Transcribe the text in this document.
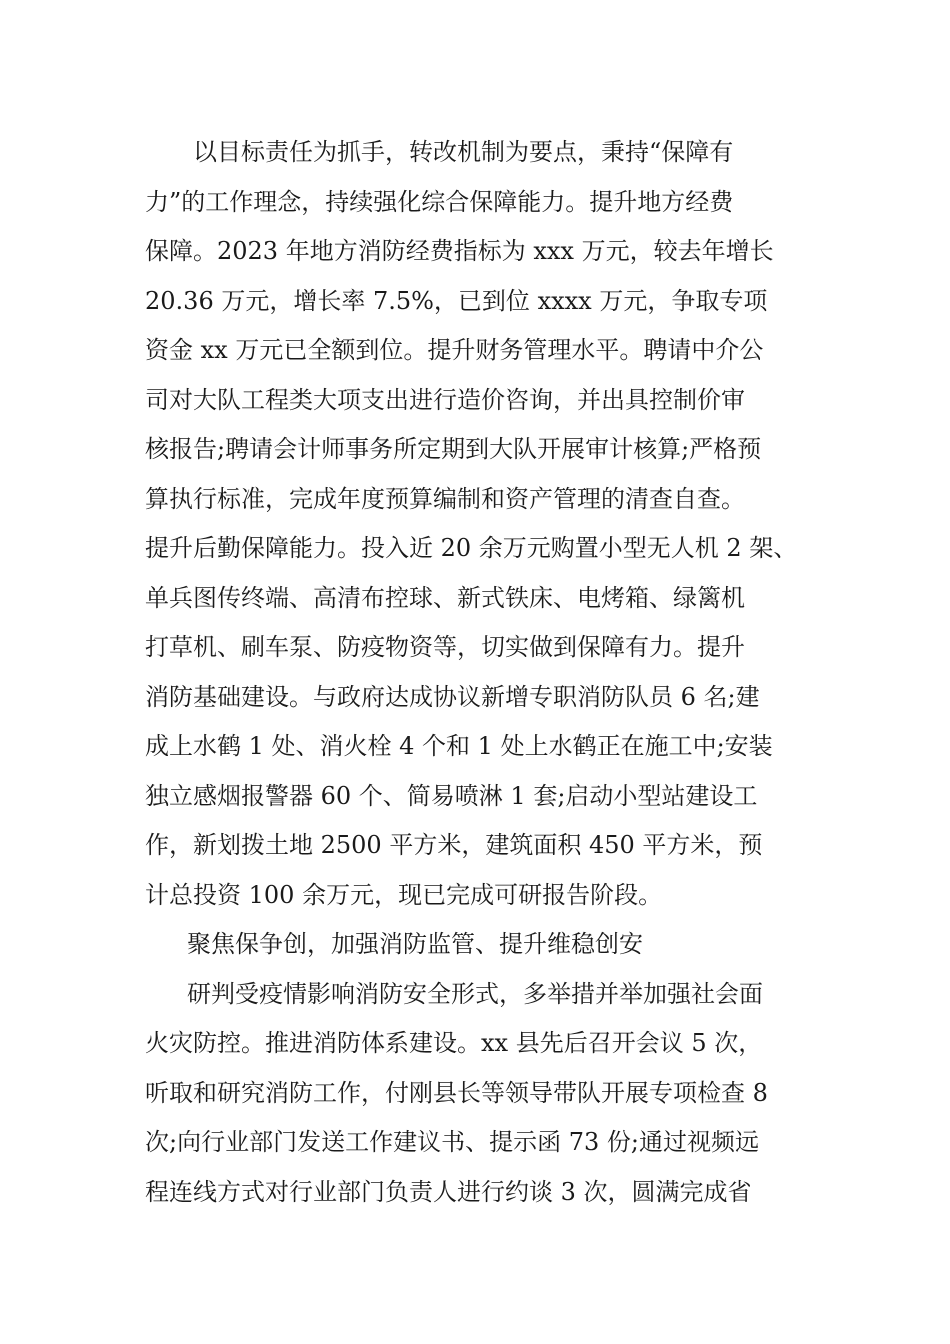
以目标责任为抓手，转改机制为要点，秉持“保障有
力”的工作理念，持续强化综合保障能力。提升地方经费
保障。2023 年地方消防经费指标为 xxx 万元，较去年增长
20.36 万元，增长率 7.5%，已到位 xxxx 万元，争取专项
资金 xx 万元已全额到位。提升财务管理水平。聘请中介公
司对大队工程类大项支出进行造价咨询，并出具控制价审
核报告;聘请会计师事务所定期到大队开展审计核算;严格预
算执行标准，完成年度预算编制和资产管理的清查自查。
提升后勤保障能力。投入近 20 余万元购置小型无人机 2 架、
单兵图传终端、高清布控球、新式铁床、电烤箱、绿篱机
打草机、刷车泵、防疫物资等，切实做到保障有力。提升
消防基础建设。与政府达成协议新增专职消防队员 6 名;建
成上水鹤 1 处、消火栓 4 个和 1 处上水鹤正在施工中;安装
独立感烟报警器 60 个、简易喷淋 1 套;启动小型站建设工
作，新划拨土地 2500 平方米，建筑面积 450 平方米，预
计总投资 100 余万元，现已完成可研报告阶段。
聚焦保争创，加强消防监管、提升维稳创安
研判受疫情影响消防安全形式，多举措并举加强社会面
火灾防控。推进消防体系建设。xx 县先后召开会议 5 次，
听取和研究消防工作，付刚县长等领导带队开展专项检查 8
次;向行业部门发送工作建议书、提示函 73 份;通过视频远
程连线方式对行业部门负责人进行约谈 3 次，圆满完成省
